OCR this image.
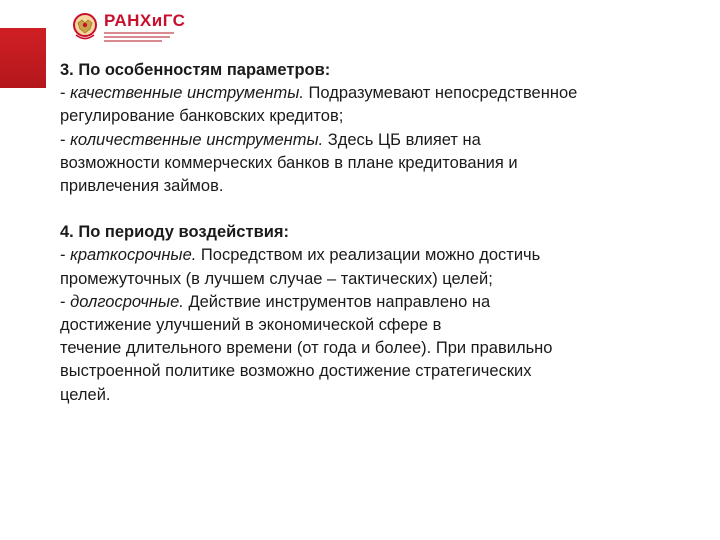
РАНХиГС
3. По особенностям параметров:
- качественные инструменты. Подразумевают непосредственное
регулирование банковских кредитов;
- количественные инструменты. Здесь ЦБ влияет на
возможности коммерческих банков в плане кредитования и
привлечения займов.
4. По периоду воздействия:
- краткосрочные. Посредством их реализации можно достичь
промежуточных (в лучшем случае – тактических) целей;
- долгосрочные. Действие инструментов направлено на
достижение улучшений в экономической сфере в
течение длительного времени (от года и более). При правильно
выстроенной политике возможно достижение стратегических
целей.
